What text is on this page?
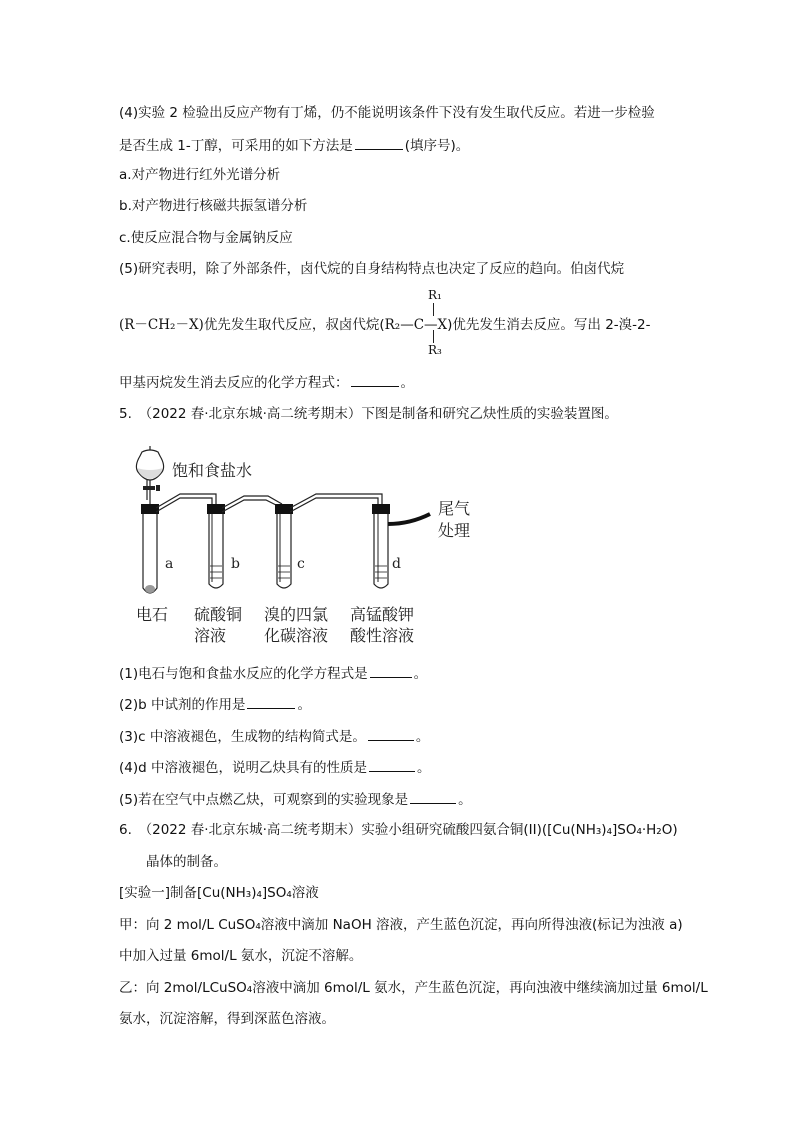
(4)实验 2 检验出反应产物有丁烯，仍不能说明该条件下没有发生取代反应。若进一步检验
是否生成 1-丁醇，可采用的如下方法是	(填序号)。
a.对产物进行红外光谱分析
b.对产物进行核磁共振氢谱分析
c.使反应混合物与金属钠反应
(5)研究表明，除了外部条件，卤代烷的自身结构特点也决定了反应的趋向。伯卤代烷
R₁
R₃
(R－CH₂－X)优先发生取代反应，叔卤代烷(R₂—C—X)优先发生消去反应。写出 2-溴-2-
甲基丙烷发生消去反应的化学方程式：	。
5.　（2022 春·北京东城·高二统考期末）下图是制备和研究乙炔性质的实验装置图。
饱和食盐水
a	b	c	d
尾气
处理
电石 硫酸铜
溶液
溴的四氯
化碳溶液
高锰酸钾
酸性溶液
(1)电石与饱和食盐水反应的化学方程式是	。
(2)b 中试剂的作用是	。
(3)c 中溶液褪色，生成物的结构简式是。	。
(4)d 中溶液褪色，说明乙炔具有的性质是	。
(5)若在空气中点燃乙炔，可观察到的实验现象是	。
6.　（2022 春·北京东城·高二统考期末）实验小组研究硫酸四氨合铜(II)([Cu(NH₃)₄]SO₄·H₂O)
晶体的制备。
[实验一]制备[Cu(NH₃)₄]SO₄溶液
甲：向 2 mol/L CuSO₄溶液中滴加 NaOH 溶液，产生蓝色沉淀，再向所得浊液(标记为浊液 a)
中加入过量 6mol/L 氨水，沉淀不溶解。
乙：向 2mol/LCuSO₄溶液中滴加 6mol/L 氨水，产生蓝色沉淀，再向浊液中继续滴加过量 6mol/L
氨水，沉淀溶解，得到深蓝色溶液。
